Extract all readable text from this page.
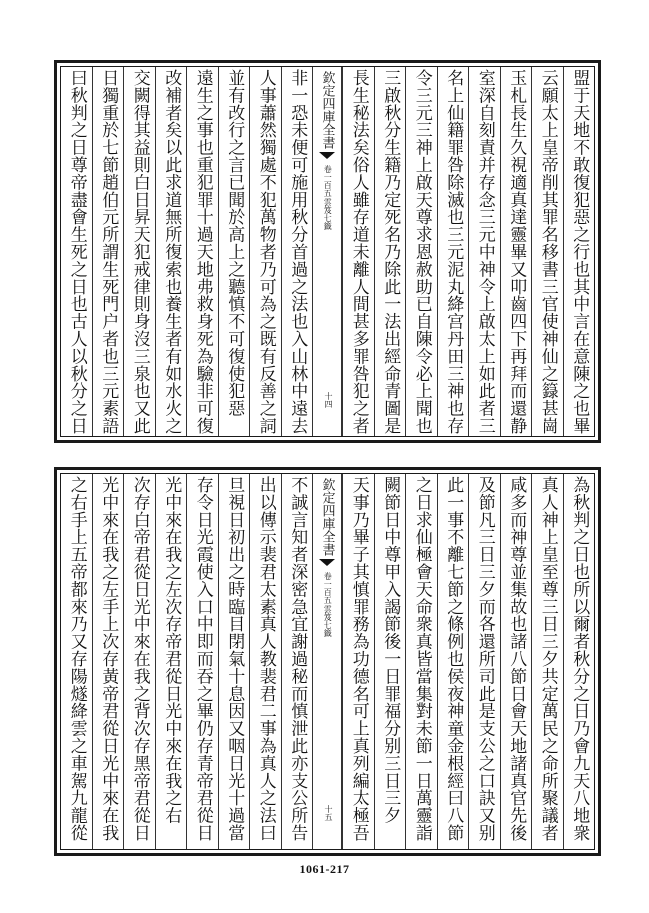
盟于天地不敢復犯惡之行也其中言在意陳之也畢
云願太上皇帝削其罪名移書三官使神仙之籙甚崗
玉札長生久視適真達靈畢又叩齒四下再拜而還静
室深自刻責并存念三元中神令上啟太上如此者三
名上仙籍罪咎除滅也三元泥丸絳宫丹田三神也存
令三元三神上啟天尊求恩赦助已自陳令必上聞也
三啟秋分生籍乃定死名乃除此一法出經命青圖是
長生秘法矣俗人雖存道未離人間甚多罪咎犯之者
欽定四庫全書
雲笈七籤
卷一百五
十四
非一恐未便可施用秋分首過之法也入山林中遠去
人事蕭然獨處不犯萬物者乃可為之既有反善之詞
並有改行之言已聞於高上之聽慎不可復使犯惡
遠生之事也重犯罪十過天地弗救身死為驗非可復
改補者矣以此求道無所復索也養生者有如水火之
交闕得其益則白日昇天犯戒律則身沒三泉也又此
日獨重於七節趙伯元所謂生死門户者也三元素語
曰秋判之日尊帝盡會生死之日也古人以秋分之日
為秋判之日也所以爾者秋分之日乃會九天八地衆
真人神上皇至尊三日三夕共定萬民之命所聚議者
咸多而神尊並集故也諸八節日會天地諸真官先後
及節凡三日三夕而各還所司此是支公之口訣又别
此一事不離七節之條例也侯夜神童金根經曰八節
之日求仙極會天命衆真皆當集對未節一日萬靈詣
闕節日中尊甲入謁節後一日罪福分别三日三夕
天事乃畢子其慎罪務為功德名可上真列編太極吾
欽定四庫全書
雲笈七籤
卷一百五
十五
不誠言知者深密急宜謝過秘而慎泄此亦支公所告
出以傳示裴君太素真人教裴君二事為真人之法曰
旦視日初出之時臨目閉氣十息因又咽日光十過當
存令日光霞使入口中即而吞之畢仍存青帝君從日
光中來在我之左次存帝君從日光中來在我之右
次存白帝君從日光中來在我之背次存黑帝君從日
光中來在我之左手上次存黃帝君從日光中來在我
之右手上五帝都來乃又存陽燧絳雲之車駕九龍從
1061-217
